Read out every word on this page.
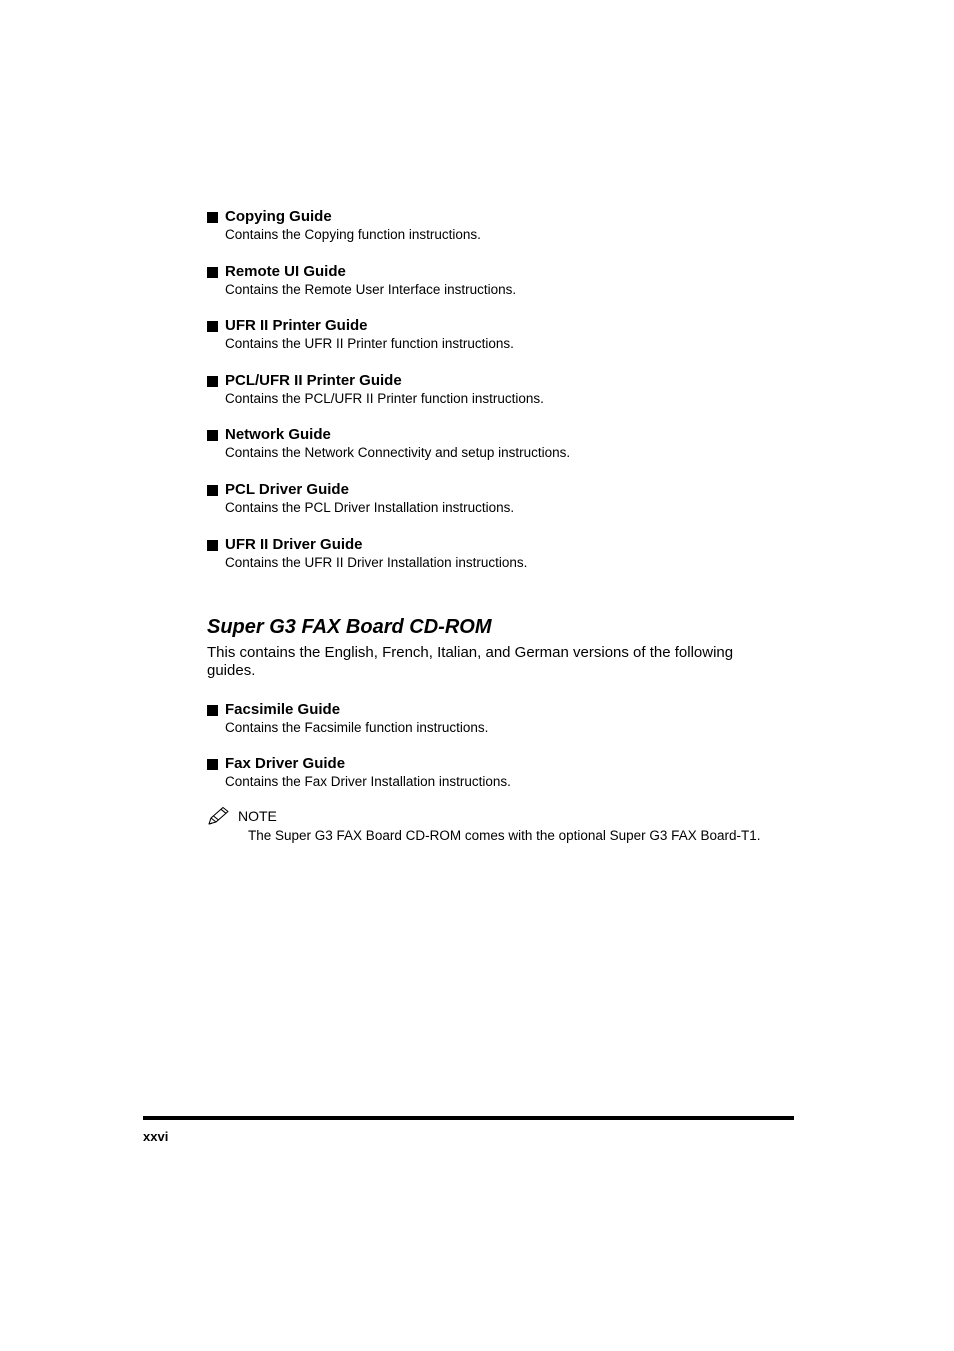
Copying Guide
Contains the Copying function instructions.
Remote UI Guide
Contains the Remote User Interface instructions.
UFR II Printer Guide
Contains the UFR II Printer function instructions.
PCL/UFR II Printer Guide
Contains the PCL/UFR II Printer function instructions.
Network Guide
Contains the Network Connectivity and setup instructions.
PCL Driver Guide
Contains the PCL Driver Installation instructions.
UFR II Driver Guide
Contains the UFR II Driver Installation instructions.
Super G3 FAX Board CD-ROM
This contains the English, French, Italian, and German versions of the following guides.
Facsimile Guide
Contains the Facsimile function instructions.
Fax Driver Guide
Contains the Fax Driver Installation instructions.
NOTE
The Super G3 FAX Board CD-ROM comes with the optional Super G3 FAX Board-T1.
xxvi
